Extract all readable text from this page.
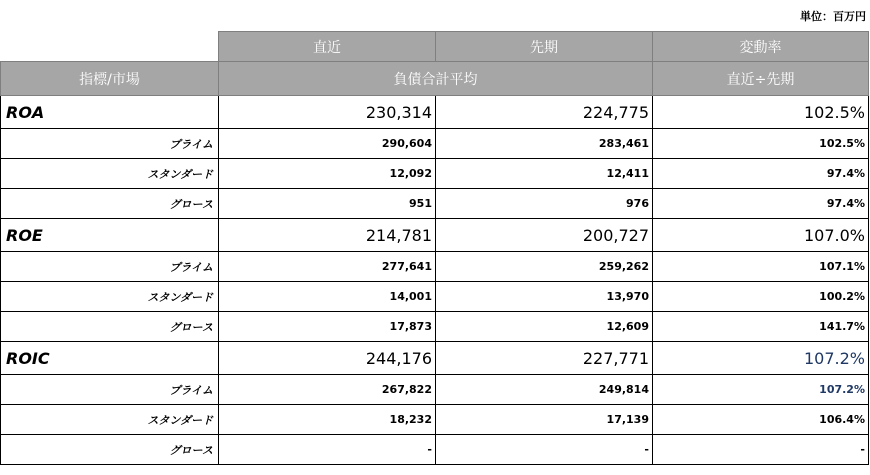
単位：百万円
	直近	先期	変動率
指標/市場	負債合計平均		直近÷先期
ROA	230,314	224,775	102.5%
プライム	290,604	283,461	102.5%
スタンダード	12,092	12,411	97.4%
グロース	951	976	97.4%
ROE	214,781	200,727	107.0%
プライム	277,641	259,262	107.1%
スタンダード	14,001	13,970	100.2%
グロース	17,873	12,609	141.7%
ROIC	244,176	227,771	107.2%
プライム	267,822	249,814	107.2%
スタンダード	18,232	17,139	106.4%
グロース	-	-	-
